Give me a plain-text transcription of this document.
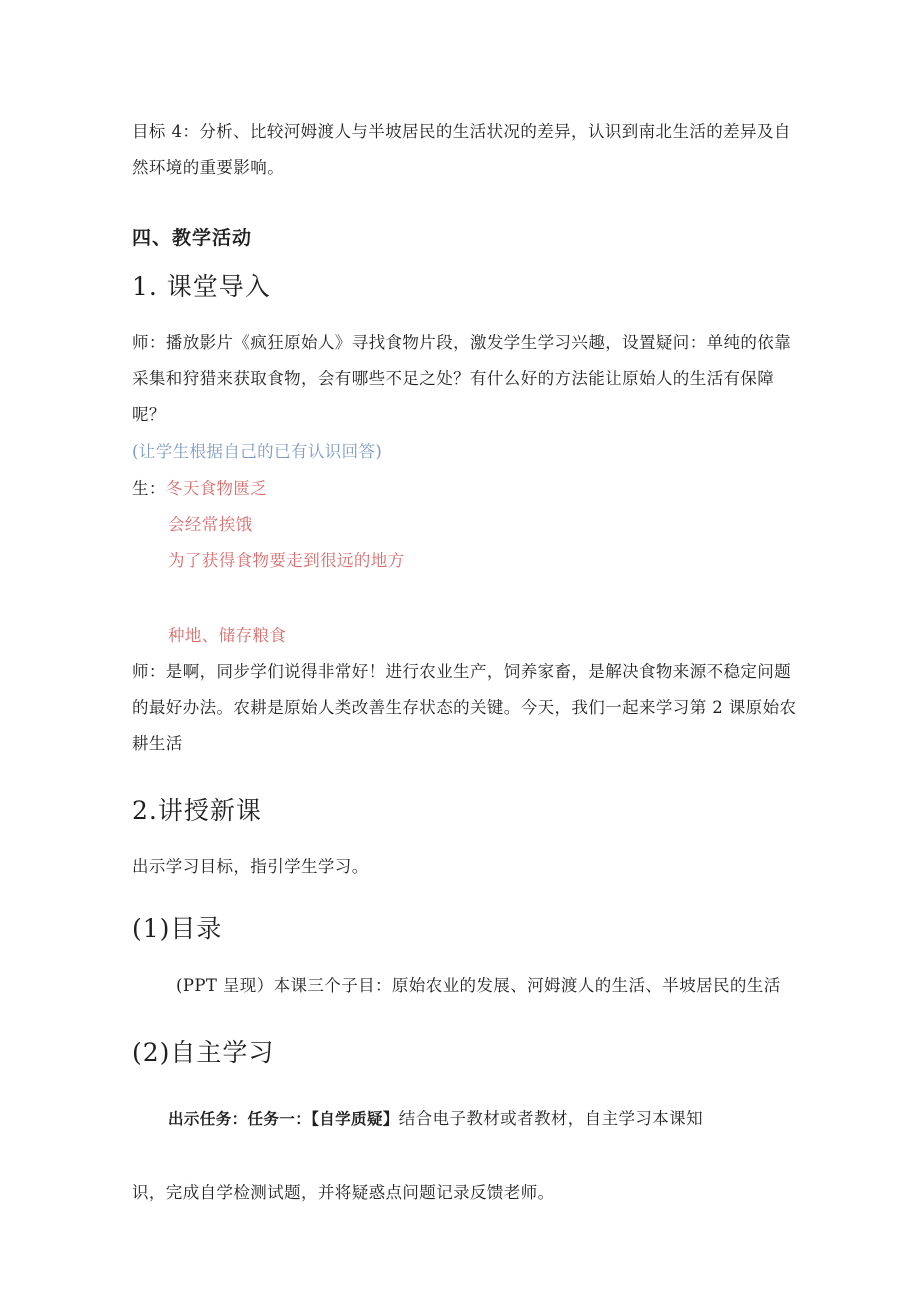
目标 4：分析、比较河姆渡人与半坡居民的生活状况的差异，认识到南北生活的差异及自
然环境的重要影响。
四、教学活动
1. 课堂导入
师：播放影片《疯狂原始人》寻找食物片段，激发学生学习兴趣，设置疑问：单纯的依靠
采集和狩猎来获取食物，会有哪些不足之处？有什么好的方法能让原始人的生活有保障
呢？
(让学生根据自己的已有认识回答)
生：冬天食物匮乏
会经常挨饿
为了获得食物要走到很远的地方
种地、储存粮食
师：是啊，同步学们说得非常好！进行农业生产，饲养家畜，是解决食物来源不稳定问题
的最好办法。农耕是原始人类改善生存状态的关键。今天，我们一起来学习第 2 课原始农
耕生活
2.讲授新课
出示学习目标，指引学生学习。
(1)目录
(PPT 呈现）本课三个子目：原始农业的发展、河姆渡人的生活、半坡居民的生活
(2)自主学习
出示任务：任务一：【自学质疑】结合电子教材或者教材，自主学习本课知
识，完成自学检测试题，并将疑惑点问题记录反馈老师。
